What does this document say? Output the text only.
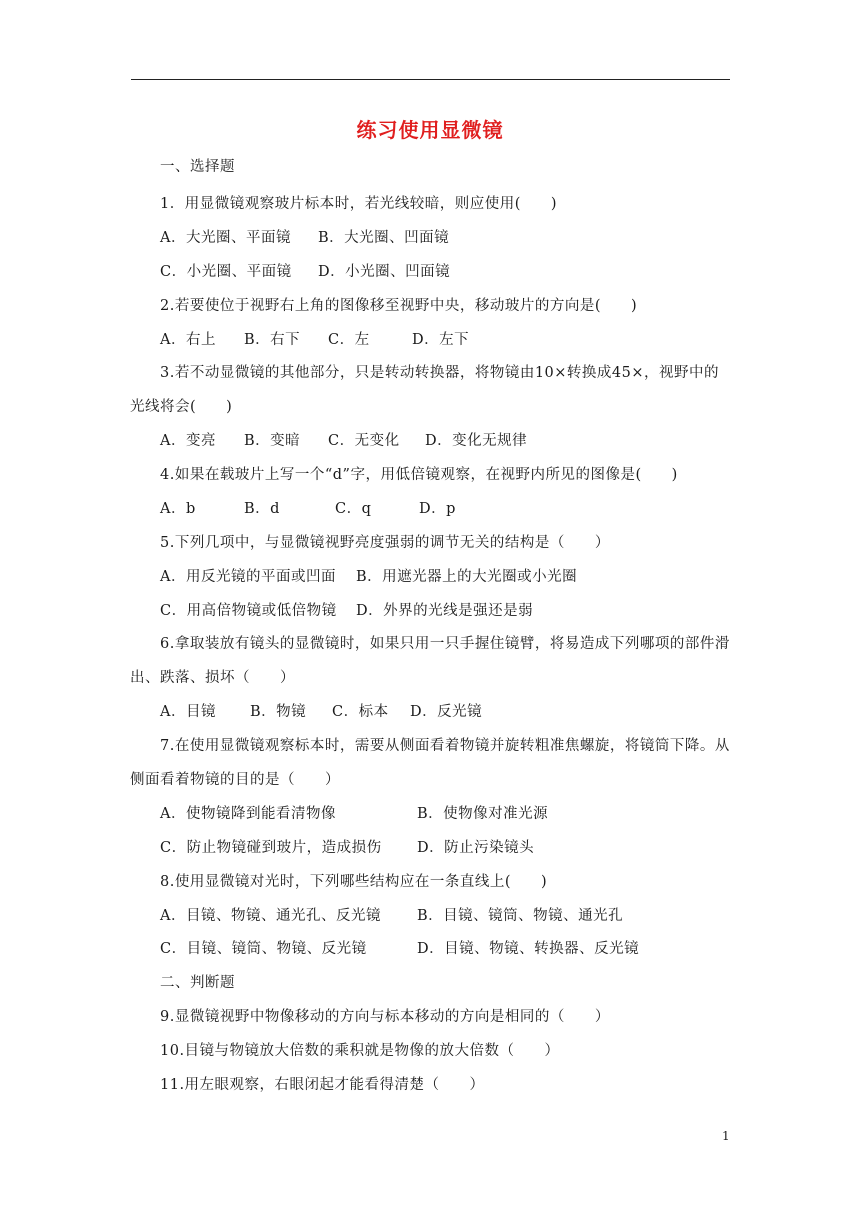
练习使用显微镜
一、选择题
1．用显微镜观察玻片标本时，若光线较暗，则应使用(　　)
A．大光圈、平面镜 B．大光圈、凹面镜
C．小光圈、平面镜 D．小光圈、凹面镜
2.若要使位于视野右上角的图像移至视野中央，移动玻片的方向是(　　)
A．右上 B．右下 C．左	D．左下
3.若不动显微镜的其他部分，只是转动转换器，将物镜由10×转换成45×，视野中的
光线将会(　　)
A．变亮 B．变暗 C．无变化 D．变化无规律
4.如果在载玻片上写一个“d”字，用低倍镜观察，在视野内所见的图像是(　　)
A．b	B．d	C．q	D．p
5.下列几项中，与显微镜视野亮度强弱的调节无关的结构是（　　）
A．用反光镜的平面或凹面 B．用遮光器上的大光圈或小光圈
C．用高倍物镜或低倍物镜 D．外界的光线是强还是弱
6.拿取装放有镜头的显微镜时，如果只用一只手握住镜臂，将易造成下列哪项的部件滑
出、跌落、损坏（　　）
A．目镜 B．物镜 C．标本 D．反光镜
7.在使用显微镜观察标本时，需要从侧面看着物镜并旋转粗准焦螺旋，将镜筒下降。从
侧面看着物镜的目的是（　　）
A．使物镜降到能看清物像	B．使物像对准光源
C．防止物镜碰到玻片，造成损伤 D．防止污染镜头
8.使用显微镜对光时，下列哪些结构应在一条直线上(　　)
A．目镜、物镜、通光孔、反光镜 B．目镜、镜筒、物镜、通光孔
C．目镜、镜筒、物镜、反光镜	D．目镜、物镜、转换器、反光镜
二、判断题
9.显微镜视野中物像移动的方向与标本移动的方向是相同的（　　）
10.目镜与物镜放大倍数的乘积就是物像的放大倍数（　　）
11.用左眼观察，右眼闭起才能看得清楚（　　）
1
